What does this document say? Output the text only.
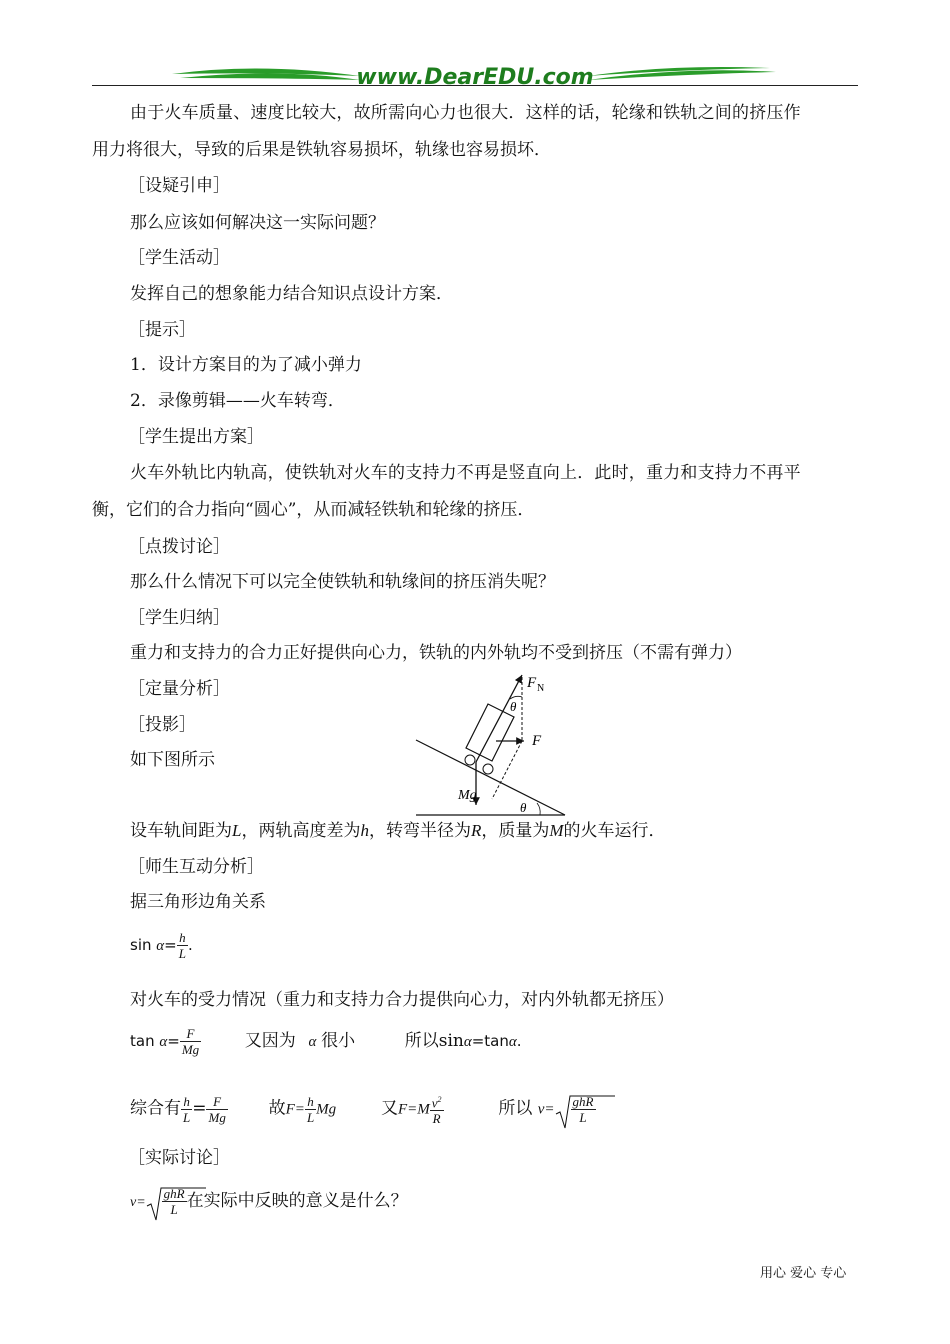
www.DearEDU.com
由于火车质量、速度比较大，故所需向心力也很大．这样的话，轮缘和铁轨之间的挤压作
用力将很大，导致的后果是铁轨容易损坏，轨缘也容易损坏．
［设疑引申］
那么应该如何解决这一实际问题？
［学生活动］
发挥自己的想象能力结合知识点设计方案．
［提示］
1．设计方案目的为了减小弹力
2．录像剪辑——火车转弯．
［学生提出方案］
火车外轨比内轨高，使铁轨对火车的支持力不再是竖直向上．此时，重力和支持力不再平
衡，它们的合力指向“圆心”，从而减轻铁轨和轮缘的挤压．
［点拨讨论］
那么什么情况下可以完全使铁轨和轨缘间的挤压消失呢？
［学生归纳］
重力和支持力的合力正好提供向心力，铁轨的内外轨均不受到挤压（不需有弹力）
［定量分析］
［投影］
如下图所示
F N
θ
F
Mg
θ
设车轨间距为L，两轨高度差为h，转弯半径为R，质量为M的火车运行．
［师生互动分析］
据三角形边角关系
$\sin \alpha= \frac{h}{L}$ .
对火车的受力情况（重力和支持力合力提供向心力，对内外轨都无挤压）
$\tan \alpha= \frac{F}{Mg}$	又因为 α 很小	所以sinα=tanα.
综合有 $\frac{h}{L} = \frac{F}{Mg}$ 故$F= \frac{h}{L}$ Mg	又$F=M \frac{v^2}{R}$	所以 $v= \frac{\text{ghR}}{L}$
［实际讨论］
$v= \frac{\text{ghR}}{L}$ 在实际中反映的意义是什么？
用心 爱心 专心
